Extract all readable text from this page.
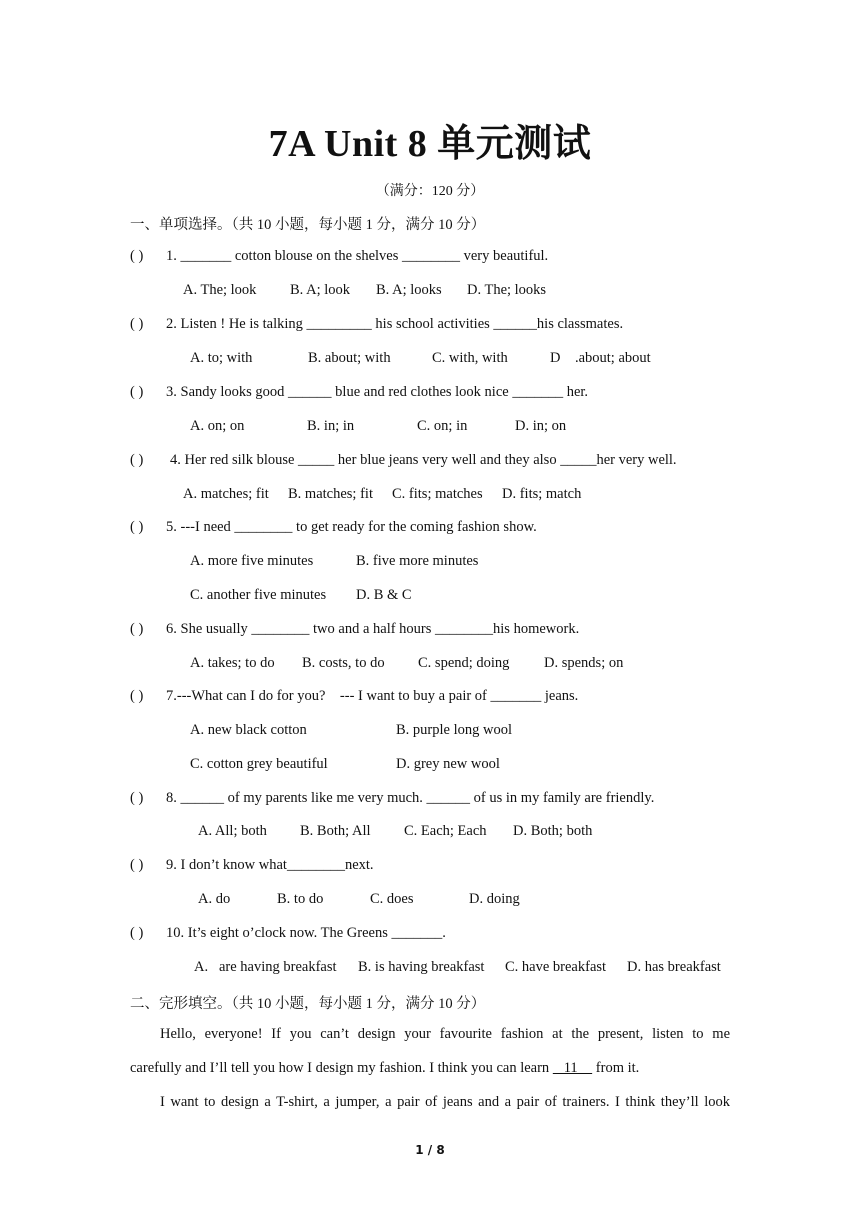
7A Unit 8 单元测试
（满分：120 分）
一、单项选择。（共 10 小题，每小题 1 分，满分 10 分）
( ) 1. _______ cotton blouse on the shelves ________ very beautiful.
A. The; look B. A; look B. A; looks D. The; looks
( ) 2. Listen ! He is talking _________ his school activities ______his classmates.
A. to; with	B. about; with	C. with, with	D    .about; about
( ) 3. Sandy looks good ______ blue and red clothes look nice _______ her.
A. on; on	B. in; in	C. on; in	D. in; on
( ) 4. Her red silk blouse _____ her blue jeans very well and they also _____her very well.
A. matches; fit B. matches; fit C. fits; matches D. fits; match
( ) 5. ---I need ________ to get ready for the coming fashion show.
A. more five minutes	B. five more minutes
C. another five minutes D. B & C
( ) 6. She usually ________ two and a half hours ________his homework.
A. takes; to do B. costs, to do C. spend; doing D. spends; on
( ) 7.---What can I do for you?    --- I want to buy a pair of _______ jeans.
A. new black cotton	B. purple long wool
C. cotton grey beautiful	D. grey new wool
( ) 8. ______ of my parents like me very much. ______ of us in my family are friendly.
A. All; both B. Both; All C. Each; Each D. Both; both
( ) 9. I don’t know what________next.
A. do	B. to do	C. does	D. doing
( ) 10. It’s eight o’clock now. The Greens _______.
A.   are having breakfast B. is having breakfast C. have breakfast D. has breakfast
二、完形填空。（共 10 小题，每小题 1 分，满分 10 分）
Hello, everyone! If you can’t design your favourite fashion at the present, listen to me
carefully and I’ll tell you how I design my fashion. I think you can learn    11     from it.
I want to design a T-shirt, a jumper, a pair of jeans and a pair of trainers. I think they’ll look
1 / 8
